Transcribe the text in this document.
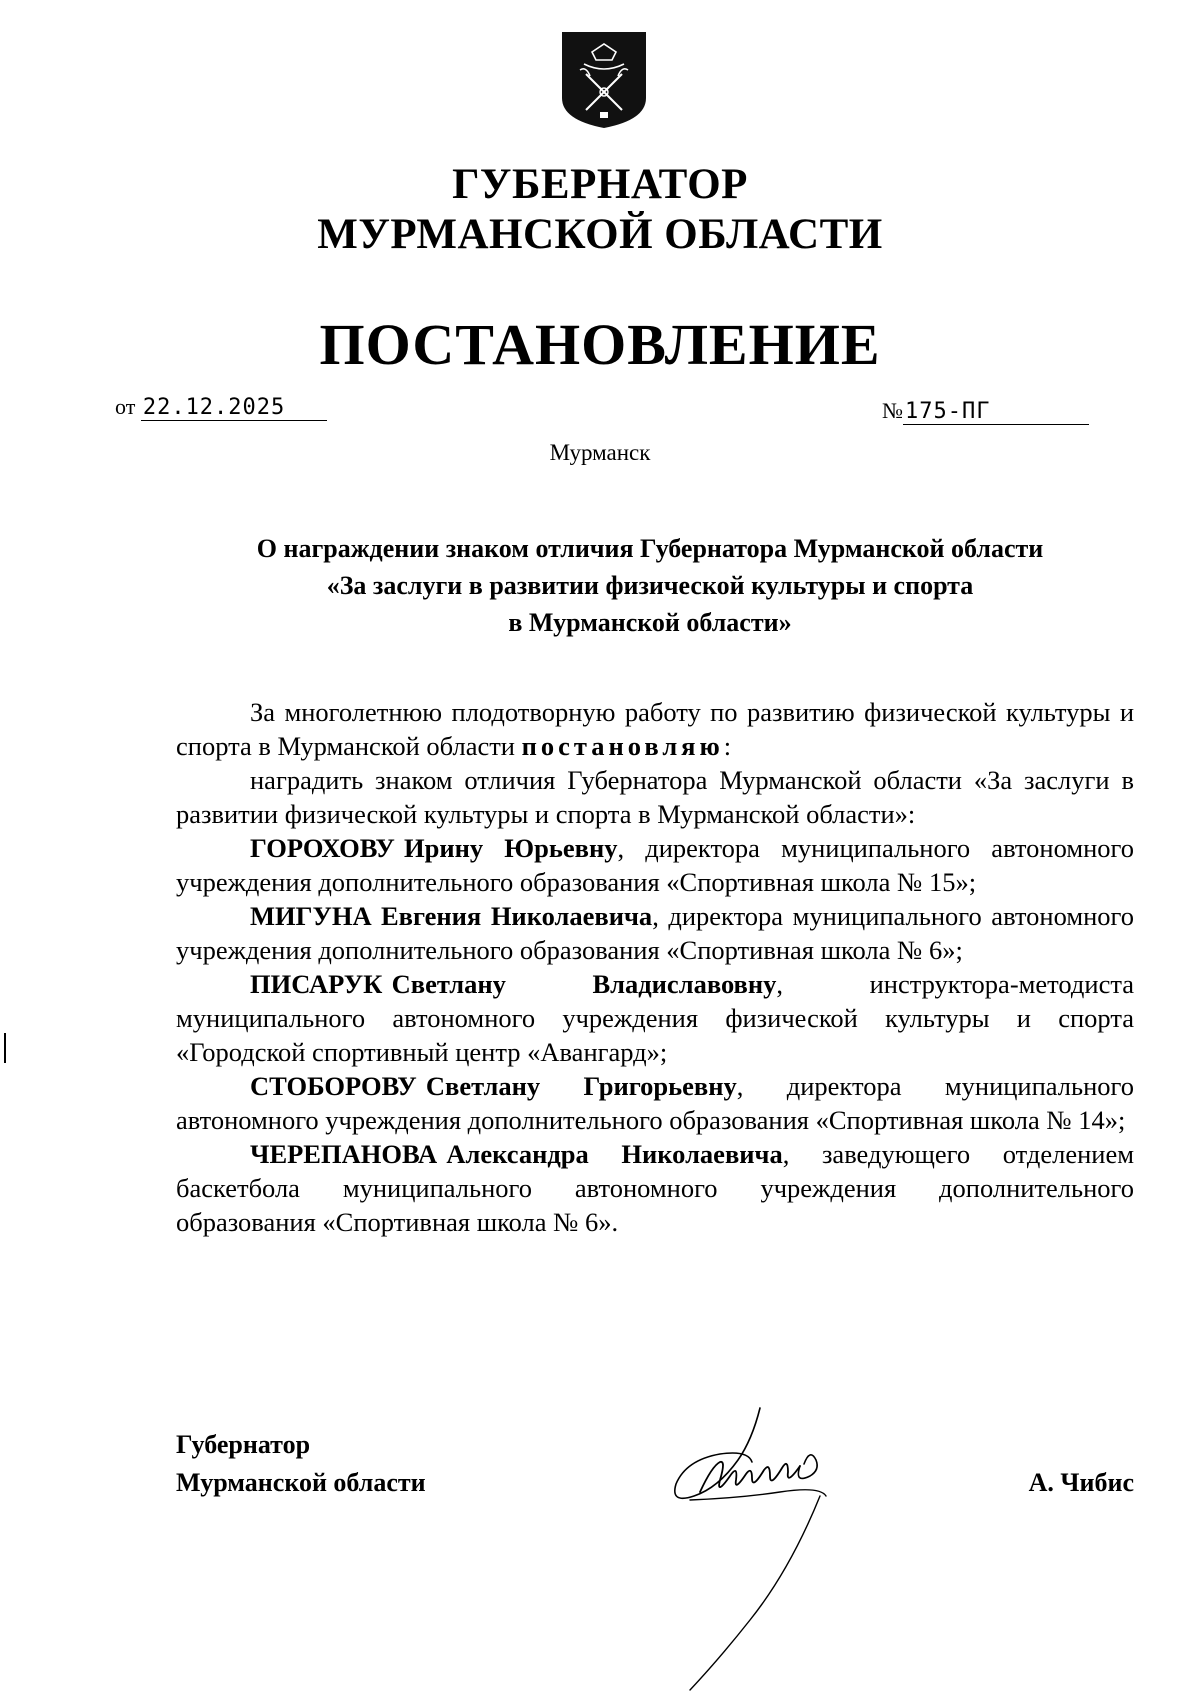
ГУБЕРНАТОР
МУРМАНСКОЙ ОБЛАСТИ
ПОСТАНОВЛЕНИЕ
от 22.12.2025	№175-ПГ
Мурманск
О награждении знаком отличия Губернатора Мурманской области
«За заслуги в развитии физической культуры и спорта
в Мурманской области»

За многолетнюю плодотворную работу по развитию физической культуры и спорта в Мурманской области постановляю:

наградить знаком отличия Губернатора Мурманской области «За заслуги в развитии физической культуры и спорта в Мурманской области»:

ГОРОХОВУ Ирину Юрьевну, директора муниципального автономного учреждения дополнительного образования «Спортивная школа № 15»;

МИГУНА Евгения Николаевича, директора муниципального автономного учреждения дополнительного образования «Спортивная школа № 6»;

ПИСАРУК Светлану Владиславовну, инструктора-методиста муниципального автономного учреждения физической культуры и спорта «Городской спортивный центр «Авангард»;

СТОБОРОВУ Светлану Григорьевну, директора муниципального автономного учреждения дополнительного образования «Спортивная школа № 14»;

ЧЕРЕПАНОВА Александра Николаевича, заведующего отделением баскетбола муниципального автономного учреждения дополнительного образования «Спортивная школа № 6».

Губернатор
Мурманской области	А. Чибис
